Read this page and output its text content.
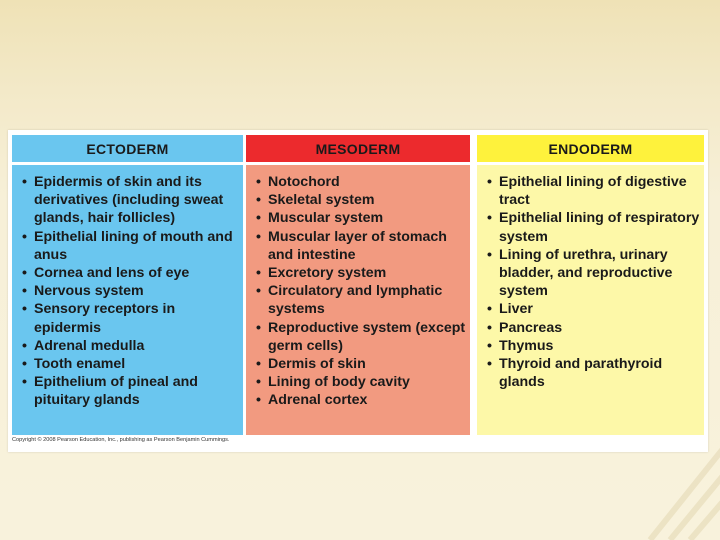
ECTODERM
• Epidermis of skin and its derivatives (including sweat glands, hair follicles)
• Epithelial lining of mouth and anus
• Cornea and lens of eye
• Nervous system
• Sensory receptors in epidermis
• Adrenal medulla
• Tooth enamel
• Epithelium of pineal and pituitary glands
MESODERM
• Notochord
• Skeletal system
• Muscular system
• Muscular layer of stomach and intestine
• Excretory system
• Circulatory and lymphatic systems
• Reproductive system (except germ cells)
• Dermis of skin
• Lining of body cavity
• Adrenal cortex
ENDODERM
• Epithelial lining of digestive tract
• Epithelial lining of respiratory system
• Lining of urethra, urinary bladder, and reproductive system
• Liver
• Pancreas
• Thymus
• Thyroid and parathyroid glands
Copyright © 2008 Pearson Education, Inc., publishing as Pearson Benjamin Cummings.
